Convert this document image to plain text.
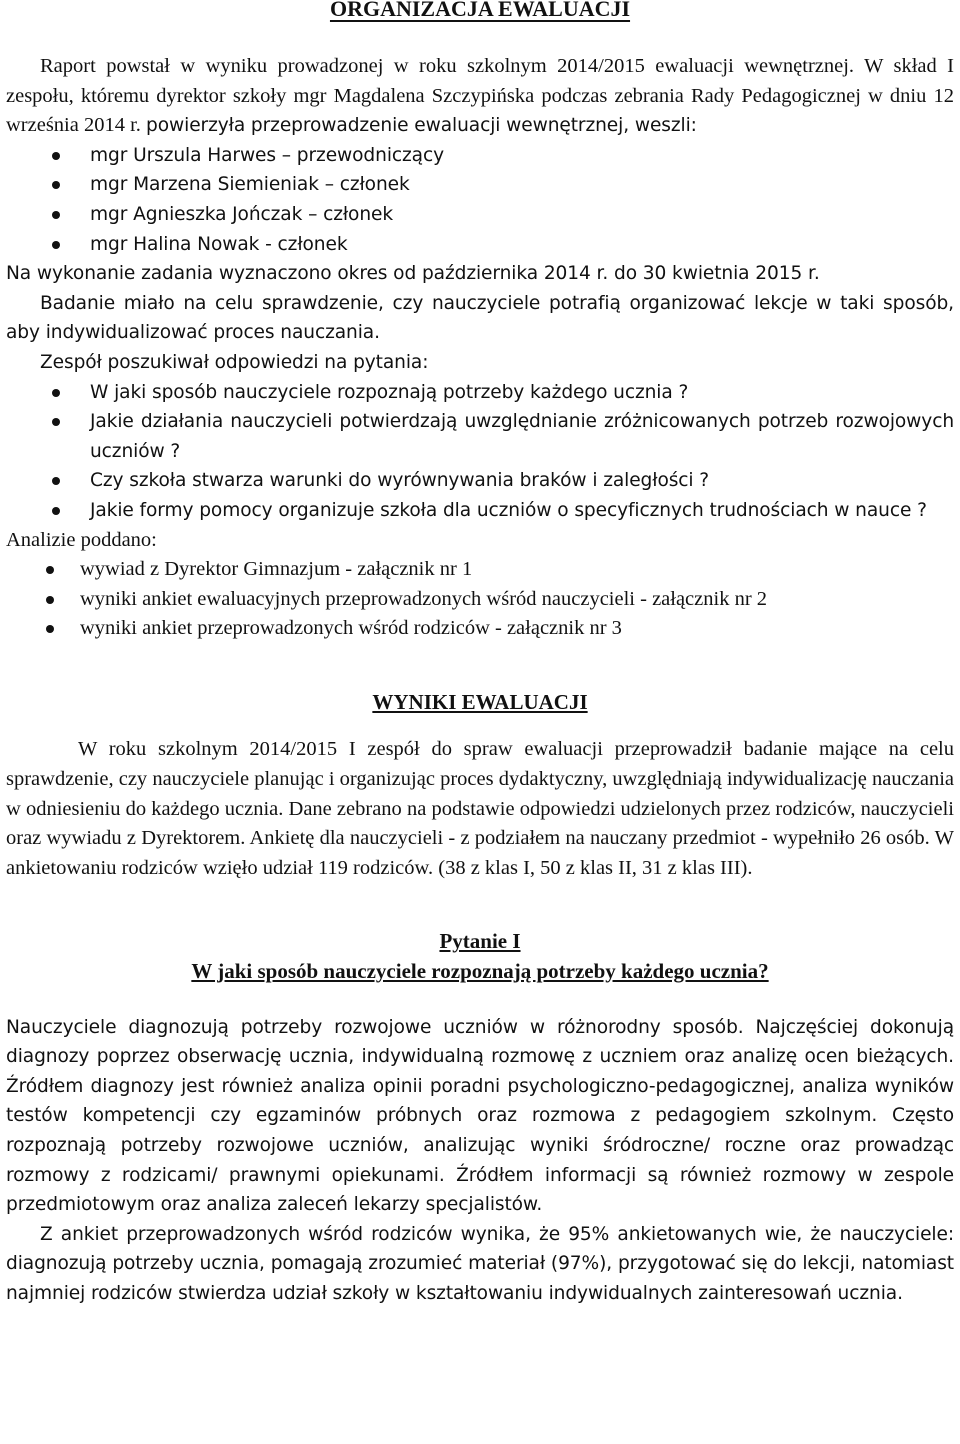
ORGANIZACJA EWALUACJI

Raport powstał w wyniku prowadzonej w roku szkolnym 2014/2015 ewaluacji wewnętrznej. W skład I zespołu, któremu dyrektor szkoły mgr Magdalena Szczypińska podczas zebrania Rady Pedagogicznej w dniu 12 września 2014 r. powierzyła przeprowadzenie ewaluacji wewnętrznej, weszli:

mgr Urszula Harwes – przewodniczący
mgr Marzena Siemieniak – członek
mgr Agnieszka Jończak – członek
mgr Halina Nowak - członek

Na wykonanie zadania wyznaczono okres od października 2014 r. do 30 kwietnia 2015 r.

Badanie miało na celu sprawdzenie, czy nauczyciele potrafią organizować lekcje w taki sposób, aby indywidualizować proces nauczania.

Zespół poszukiwał odpowiedzi na pytania:

W jaki sposób nauczyciele rozpoznają potrzeby każdego ucznia ?
Jakie działania nauczycieli potwierdzają uwzględnianie zróżnicowanych potrzeb rozwojowych uczniów ?
Czy szkoła stwarza warunki do wyrównywania braków i zaległości ?
Jakie formy pomocy organizuje szkoła dla uczniów o specyficznych trudnościach w nauce ?

Analizie poddano:

wywiad z Dyrektor Gimnazjum - załącznik nr 1
wyniki ankiet ewaluacyjnych przeprowadzonych wśród nauczycieli - załącznik nr 2
wyniki ankiet przeprowadzonych wśród rodziców - załącznik nr 3
WYNIKI EWALUACJI

W roku szkolnym 2014/2015 I zespół do spraw ewaluacji przeprowadził badanie mające na celu sprawdzenie, czy nauczyciele planując i organizując proces dydaktyczny, uwzględniają indywidualizację nauczania w odniesieniu do każdego ucznia. Dane zebrano na podstawie odpowiedzi udzielonych przez rodziców, nauczycieli oraz wywiadu z Dyrektorem. Ankietę dla nauczycieli - z podziałem na nauczany przedmiot - wypełniło 26 osób. W ankietowaniu rodziców wzięło udział 119 rodziców. (38 z klas I, 50 z klas II, 31 z klas III).

Pytanie I
W jaki sposób nauczyciele rozpoznają potrzeby każdego ucznia?

Nauczyciele diagnozują potrzeby rozwojowe uczniów w różnorodny sposób. Najczęściej dokonują diagnozy poprzez obserwację ucznia, indywidualną rozmowę z uczniem oraz analizę ocen bieżących. Źródłem diagnozy jest również analiza opinii poradni psychologiczno-pedagogicznej, analiza wyników testów kompetencji czy egzaminów próbnych oraz rozmowa z pedagogiem szkolnym. Często rozpoznają potrzeby rozwojowe uczniów, analizując wyniki śródroczne/ roczne oraz prowadząc rozmowy z rodzicami/ prawnymi opiekunami. Źródłem informacji są również rozmowy w zespole przedmiotowym oraz analiza zaleceń lekarzy specjalistów.

Z ankiet przeprowadzonych wśród rodziców wynika, że 95% ankietowanych wie, że nauczyciele: diagnozują potrzeby ucznia, pomagają zrozumieć materiał (97%), przygotować się do lekcji, natomiast najmniej rodziców stwierdza udział szkoły w kształtowaniu indywidualnych zainteresowań ucznia.
